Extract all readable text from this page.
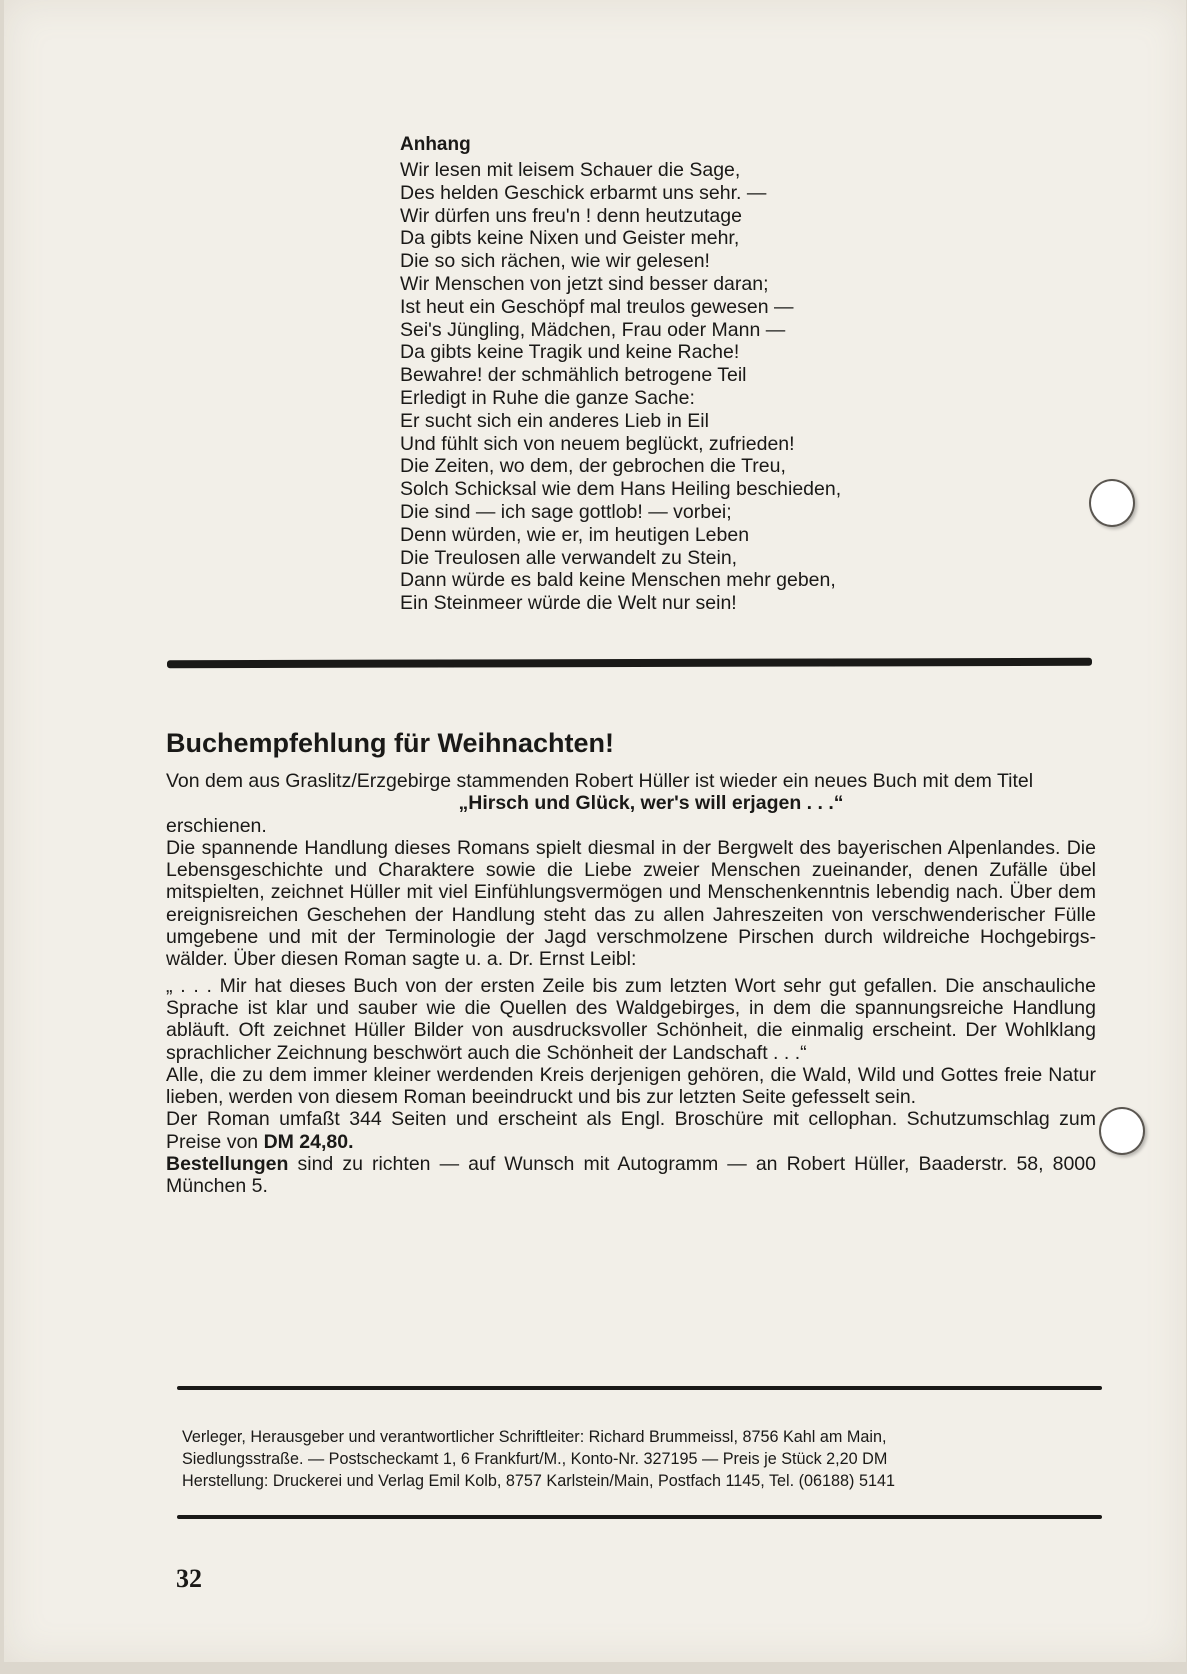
Anhang
Wir lesen mit leisem Schauer die Sage,
Des helden Geschick erbarmt uns sehr. —
Wir dürfen uns freu'n ! denn heutzutage
Da gibts keine Nixen und Geister mehr,
Die so sich rächen, wie wir gelesen!
Wir Menschen von jetzt sind besser daran;
Ist heut ein Geschöpf mal treulos gewesen —
Sei's Jüngling, Mädchen, Frau oder Mann —
Da gibts keine Tragik und keine Rache!
Bewahre! der schmählich betrogene Teil
Erledigt in Ruhe die ganze Sache:
Er sucht sich ein anderes Lieb in Eil
Und fühlt sich von neuem beglückt, zufrieden!
Die Zeiten, wo dem, der gebrochen die Treu,
Solch Schicksal wie dem Hans Heiling beschieden,
Die sind — ich sage gottlob! — vorbei;
Denn würden, wie er, im heutigen Leben
Die Treulosen alle verwandelt zu Stein,
Dann würde es bald keine Menschen mehr geben,
Ein Steinmeer würde die Welt nur sein!
Buchempfehlung für Weihnachten!

Von dem aus Graslitz/Erzgebirge stammenden Robert Hüller ist wieder ein neues Buch mit dem Titel

„Hirsch und Glück, wer's will erjagen . . .“

erschienen.

Die spannende Handlung dieses Romans spielt diesmal in der Bergwelt des bayerischen Alpenlandes. Die Lebensgeschichte und Charaktere sowie die Liebe zweier Menschen zueinander, denen Zufälle übel mitspielten, zeichnet Hüller mit viel Einfühlungsvermögen und Menschenkenntnis lebendig nach. Über dem ereignisreichen Geschehen der Handlung steht das zu allen Jahreszeiten von verschwenderischer Fülle umgebene und mit der Terminologie der Jagd verschmolzene Pirschen durch wildreiche Hochgebirgswälder. Über diesen Roman sagte u. a. Dr. Ernst Leibl:

„ . . . Mir hat dieses Buch von der ersten Zeile bis zum letzten Wort sehr gut gefallen. Die anschauliche Sprache ist klar und sauber wie die Quellen des Waldgebirges, in dem die spannungsreiche Handlung abläuft. Oft zeichnet Hüller Bilder von ausdrucksvoller Schönheit, die einmalig erscheint. Der Wohlklang sprachlicher Zeichnung beschwört auch die Schönheit der Landschaft . . .“

Alle, die zu dem immer kleiner werdenden Kreis derjenigen gehören, die Wald, Wild und Gottes freie Natur lieben, werden von diesem Roman beeindruckt und bis zur letzten Seite gefesselt sein.

Der Roman umfaßt 344 Seiten und erscheint als Engl. Broschüre mit cellophan. Schutzumschlag zum Preise von DM 24,80.

Bestellungen sind zu richten — auf Wunsch mit Autogramm — an Robert Hüller, Baaderstr. 58, 8000 München 5.

Verleger, Herausgeber und verantwortlicher Schriftleiter: Richard Brummeissl, 8756 Kahl am Main,
Siedlungsstraße. — Postscheckamt 1, 6 Frankfurt/M., Konto-Nr. 327195 — Preis je Stück 2,20 DM
Herstellung: Druckerei und Verlag Emil Kolb, 8757 Karlstein/Main, Postfach 1145, Tel. (06188) 5141
32
